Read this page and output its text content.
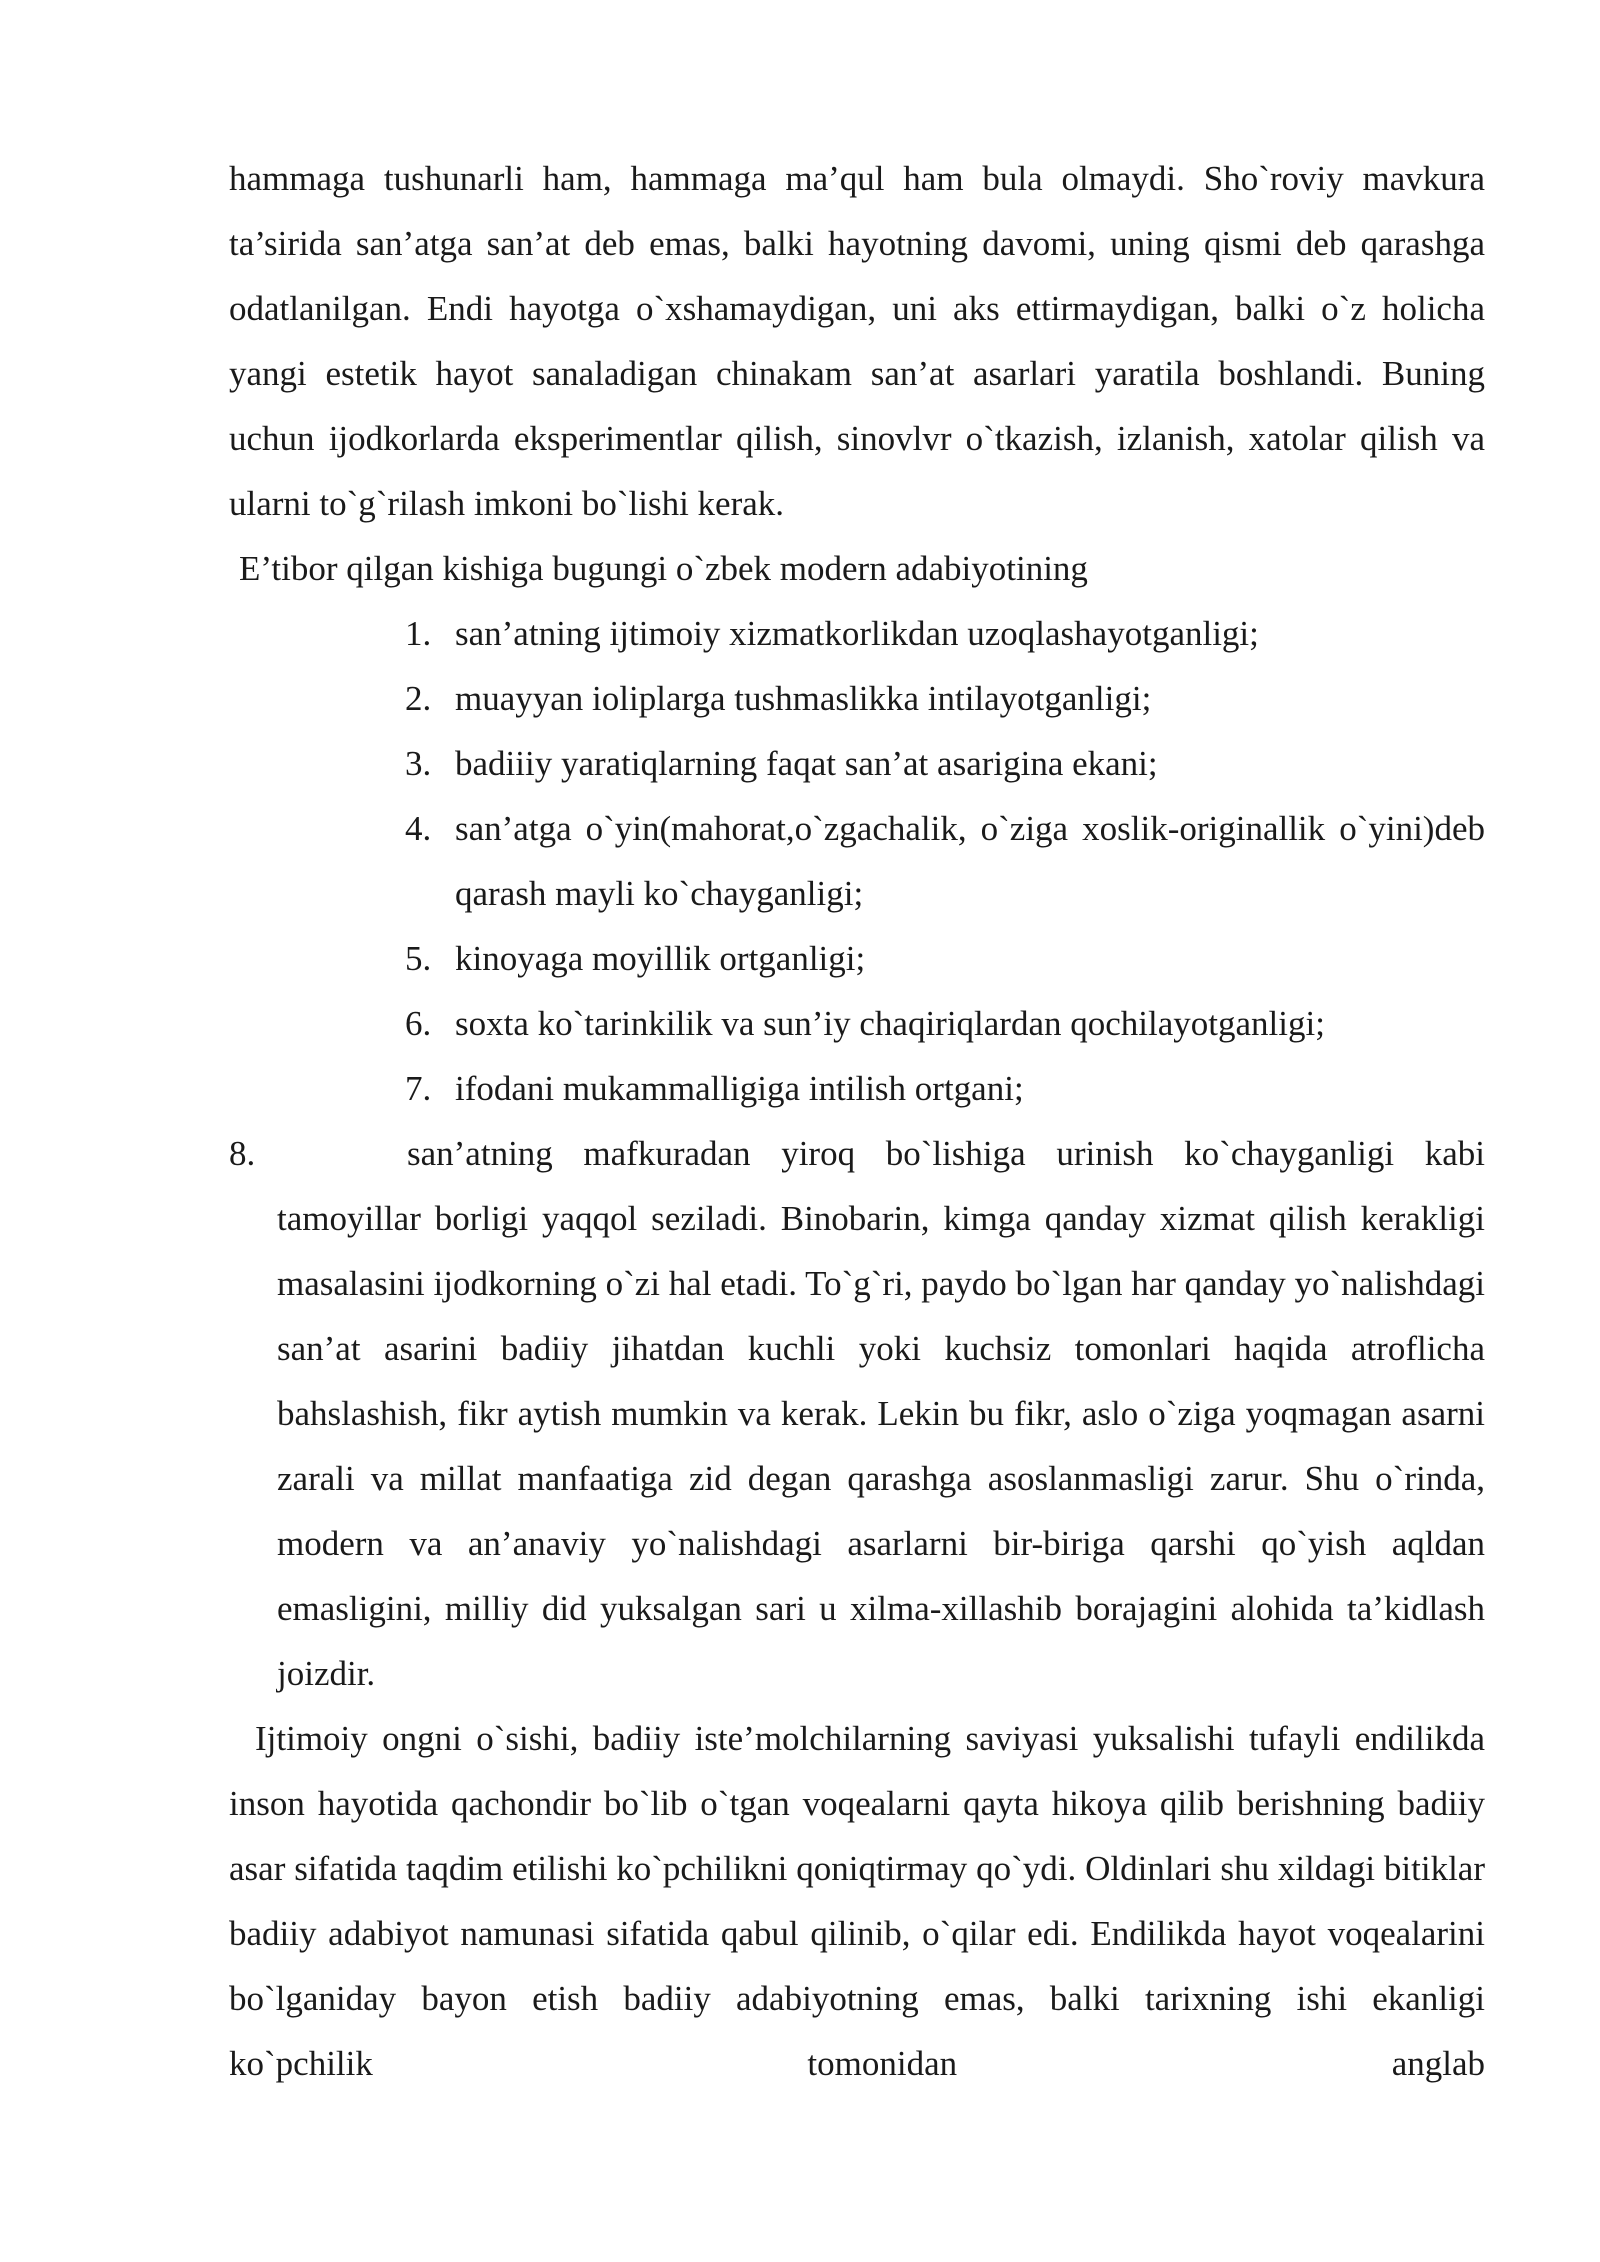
hammaga tushunarli ham, hammaga ma’qul ham bula olmaydi. Sho`roviy mavkura ta’sirida san’atga san’at deb emas, balki hayotning davomi, uning qismi deb qarashga odatlanilgan. Endi hayotga o`xshamaydigan, uni aks ettirmaydigan, balki o`z holicha yangi estetik hayot sanaladigan chinakam san’at asarlari yaratila boshlandi. Buning uchun ijodkorlarda eksperimentlar qilish, sinovlvr o`tkazish, izlanish, xatolar qilish va ularni to`g`rilash imkoni bo`lishi kerak.

E’tibor qilgan kishiga bugungi o`zbek modern adabiyotining

1. san’atning ijtimoiy xizmatkorlikdan uzoqlashayotganligi;
2. muayyan ioliplarga tushmaslikka intilayotganligi;
3. badiiiy yaratiqlarning faqat san’at asarigina ekani;
4. san’atga o`yin(mahorat,o`zgachalik, o`ziga xoslik-originallik o`yini)deb qarash mayli ko`chayganligi;
5. kinoyaga moyillik ortganligi;
6. soxta ko`tarinkilik va sun’iy chaqiriqlardan qochilayotganligi;
7. ifodani mukammalligiga intilish ortgani;
8.	san’atning mafkuradan yiroq bo`lishiga urinish ko`chayganligi kabi

tamoyillar borligi yaqqol seziladi. Binobarin, kimga qanday xizmat qilish kerakligi masalasini ijodkorning o`zi hal etadi. To`g`ri, paydo bo`lgan har qanday yo`nalishdagi san’at asarini badiiy jihatdan kuchli yoki kuchsiz tomonlari haqida atroflicha bahslashish, fikr aytish mumkin va kerak. Lekin bu fikr, aslo o`ziga yoqmagan asarni zarali va millat manfaatiga zid degan qarashga asoslanmasligi zarur. Shu o`rinda, modern va an’anaviy yo`nalishdagi asarlarni bir-biriga qarshi qo`yish aqldan emasligini, milliy did yuksalgan sari u xilma-xillashib borajagini alohida ta’kidlash joizdir.

Ijtimoiy ongni o`sishi, badiiy iste’molchilarning saviyasi yuksalishi tufayli endilikda inson hayotida qachondir bo`lib o`tgan voqealarni qayta hikoya qilib berishning badiiy asar sifatida taqdim etilishi ko`pchilikni qoniqtirmay qo`ydi. Oldinlari shu xildagi bitiklar badiiy adabiyot namunasi sifatida qabul qilinib, o`qilar edi. Endilikda hayot voqealarini bo`lganiday bayon etish badiiy adabiyotning emas, balki tarixning ishi ekanligi ko`pchilik tomonidan anglab
